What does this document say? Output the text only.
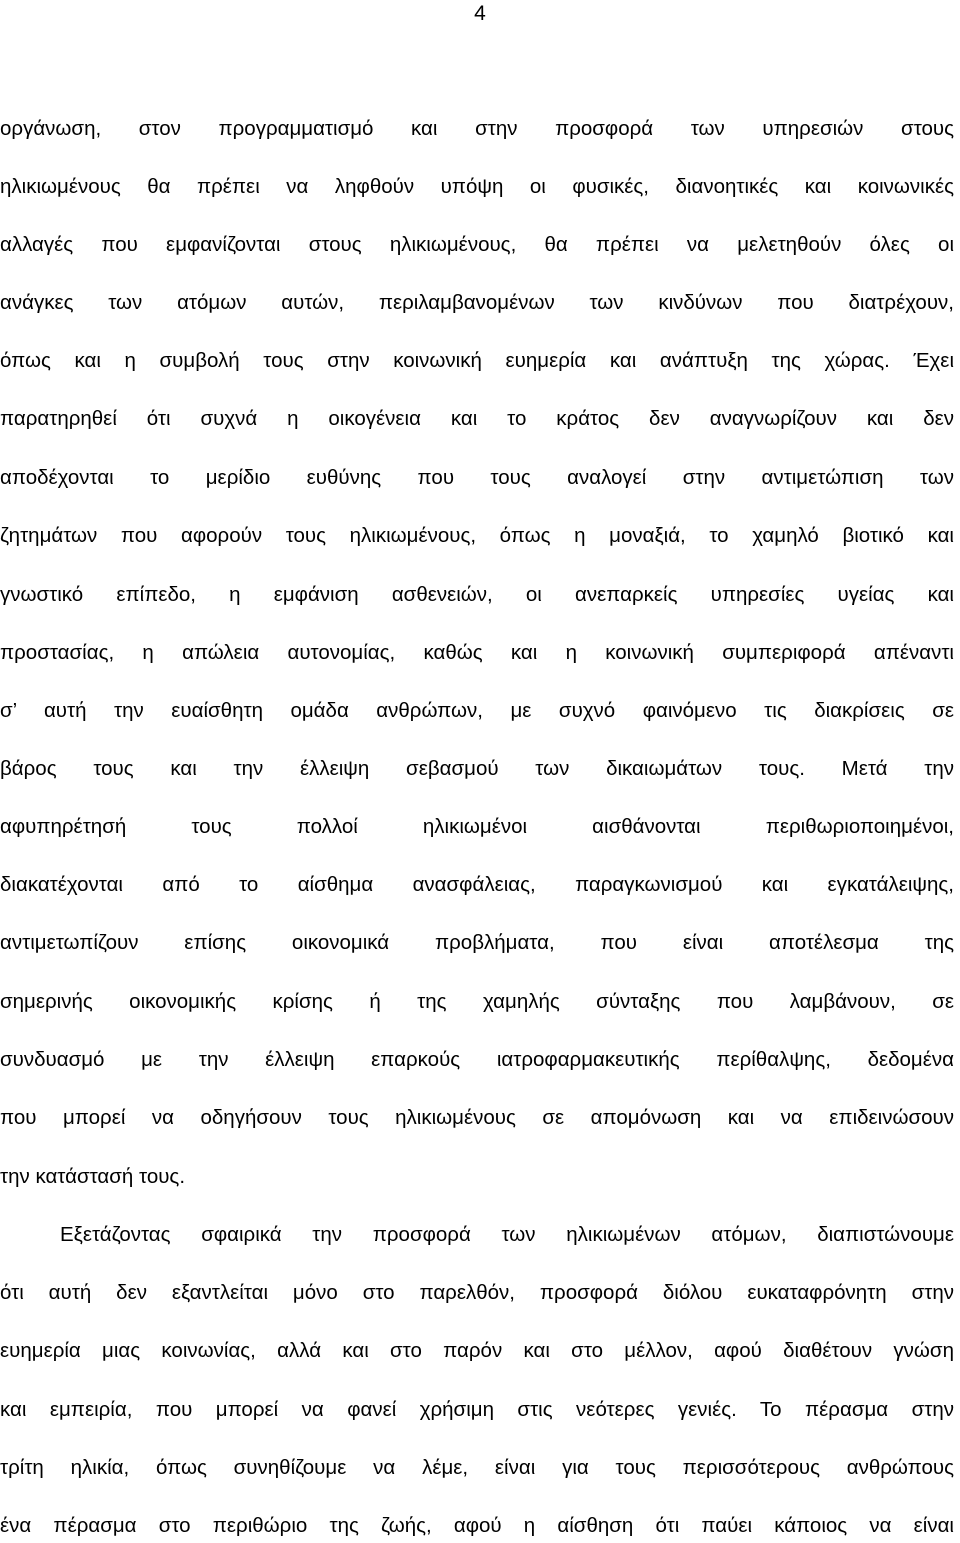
4
οργάνωση, στον προγραμματισμό και στην προσφορά των υπηρεσιών στους
ηλικιωμένους θα πρέπει να ληφθούν υπόψη οι φυσικές, διανοητικές και κοινωνικές
αλλαγές που εμφανίζονται στους ηλικιωμένους, θα πρέπει να μελετηθούν όλες οι
ανάγκες των ατόμων αυτών, περιλαμβανομένων των κινδύνων που διατρέχουν,
όπως και η συμβολή τους στην κοινωνική ευημερία και ανάπτυξη της χώρας. Έχει
παρατηρηθεί ότι συχνά η οικογένεια και το κράτος δεν αναγνωρίζουν και δεν
αποδέχονται το μερίδιο ευθύνης που τους αναλογεί στην αντιμετώπιση των
ζητημάτων που αφορούν τους ηλικιωμένους, όπως η μοναξιά, το χαμηλό βιοτικό και
γνωστικό επίπεδο, η εμφάνιση ασθενειών, οι ανεπαρκείς υπηρεσίες υγείας και
προστασίας, η απώλεια αυτονομίας, καθώς και η κοινωνική συμπεριφορά απέναντι
σ’ αυτή την ευαίσθητη ομάδα ανθρώπων, με συχνό φαινόμενο τις διακρίσεις σε
βάρος τους και την έλλειψη σεβασμού των δικαιωμάτων τους. Μετά την
αφυπηρέτησή τους πολλοί ηλικιωμένοι αισθάνονται περιθωριοποιημένοι,
διακατέχονται από το αίσθημα ανασφάλειας, παραγκωνισμού και εγκατάλειψης,
αντιμετωπίζουν επίσης οικονομικά προβλήματα, που είναι αποτέλεσμα της
σημερινής οικονομικής κρίσης ή της χαμηλής σύνταξης που λαμβάνουν, σε
συνδυασμό με την έλλειψη επαρκούς ιατροφαρμακευτικής περίθαλψης, δεδομένα
που μπορεί να οδηγήσουν τους ηλικιωμένους σε απομόνωση και να επιδεινώσουν
την κατάστασή τους.
Εξετάζοντας σφαιρικά την προσφορά των ηλικιωμένων ατόμων, διαπιστώνουμε
ότι αυτή δεν εξαντλείται μόνο στο παρελθόν, προσφορά διόλου ευκαταφρόνητη στην
ευημερία μιας κοινωνίας, αλλά και στο παρόν και στο μέλλον, αφού διαθέτουν γνώση
και εμπειρία, που μπορεί να φανεί χρήσιμη στις νεότερες γενιές. Το πέρασμα στην
τρίτη ηλικία, όπως συνηθίζουμε να λέμε, είναι για τους περισσότερους ανθρώπους
ένα πέρασμα στο περιθώριο της ζωής, αφού η αίσθηση ότι παύει κάποιος να είναι
